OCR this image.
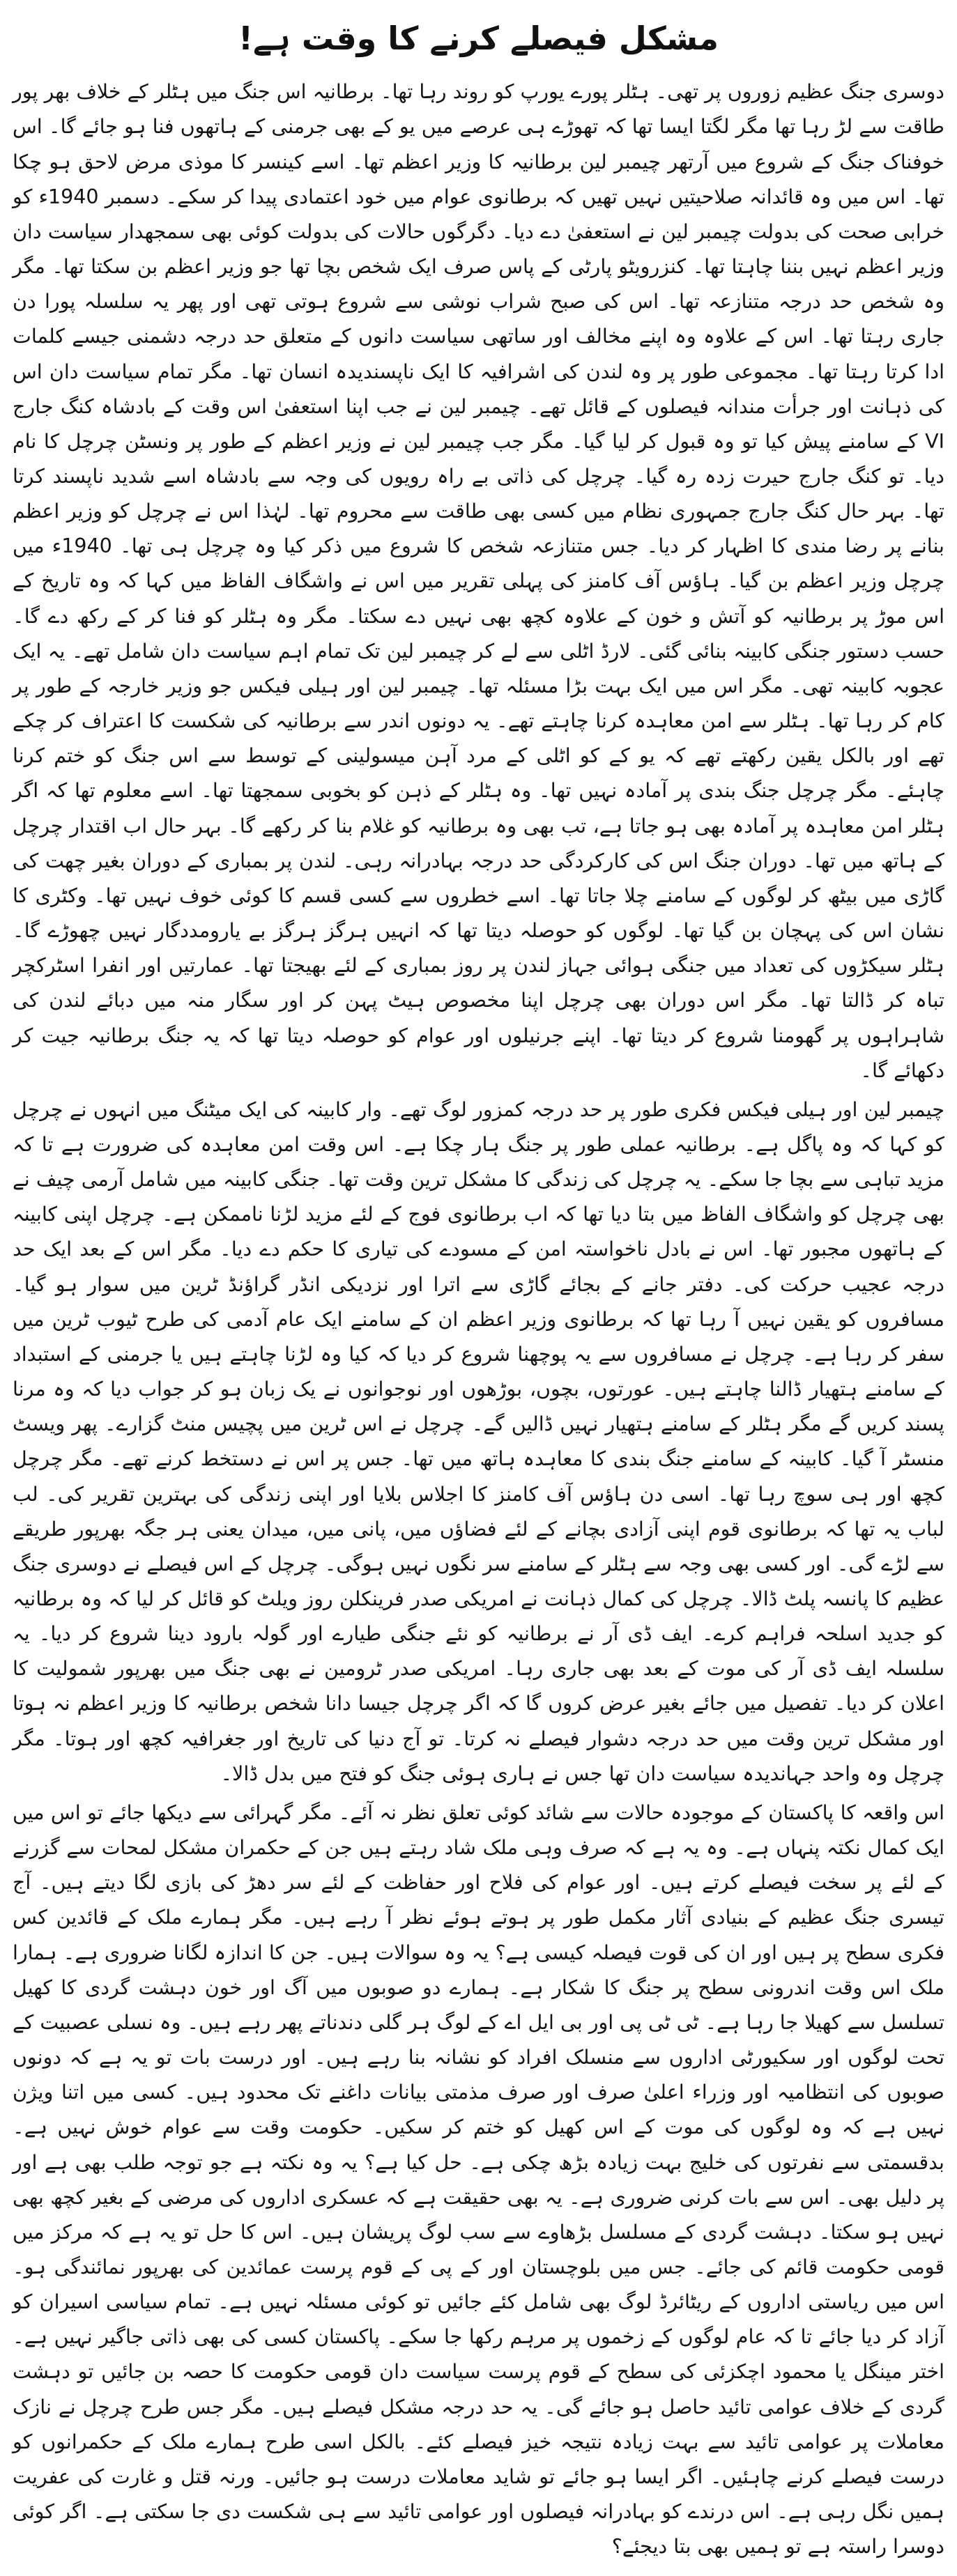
مشکل فیصلے کرنے کا وقت ہے!

دوسری جنگ عظیم زوروں پر تھی۔ ہٹلر پورے یورپ کو روند رہا تھا۔ برطانیہ اس جنگ میں ہٹلر کے خلاف بھر پور طاقت سے لڑ رہا تھا مگر لگتا ایسا تھا کہ تھوڑے ہی عرصے میں یو کے بھی جرمنی کے ہاتھوں فنا ہو جائے گا۔ اس خوفناک جنگ کے شروع میں آرتھر چیمبر لین برطانیہ کا وزیر اعظم تھا۔ اسے کینسر کا موذی مرض لاحق ہو چکا تھا۔ اس میں وہ قائدانہ صلاحیتیں نہیں تھیں کہ برطانوی عوام میں خود اعتمادی پیدا کر سکے۔ دسمبر 1940ء کو خرابی صحت کی بدولت چیمبر لین نے استعفیٰ دے دیا۔ دگرگوں حالات کی بدولت کوئی بھی سمجھدار سیاست دان وزیر اعظم نہیں بننا چاہتا تھا۔ کنزرویٹو پارٹی کے پاس صرف ایک شخص بچا تھا جو وزیر اعظم بن سکتا تھا۔ مگر وہ شخص حد درجہ متنازعہ تھا۔ اس کی صبح شراب نوشی سے شروع ہوتی تھی اور پھر یہ سلسلہ پورا دن جاری رہتا تھا۔ اس کے علاوہ وہ اپنے مخالف اور ساتھی سیاست دانوں کے متعلق حد درجہ دشمنی جیسے کلمات ادا کرتا رہتا تھا۔ مجموعی طور پر وہ لندن کی اشرافیہ کا ایک ناپسندیدہ انسان تھا۔ مگر تمام سیاست دان اس کی ذہانت اور جرأت مندانہ فیصلوں کے قائل تھے۔ چیمبر لین نے جب اپنا استعفیٰ اس وقت کے بادشاہ کنگ جارج VI کے سامنے پیش کیا تو وہ قبول کر لیا گیا۔ مگر جب چیمبر لین نے وزیر اعظم کے طور پر ونسٹن چرچل کا نام دیا۔ تو کنگ جارج حیرت زدہ رہ گیا۔ چرچل کی ذاتی بے راہ رویوں کی وجہ سے بادشاہ اسے شدید ناپسند کرتا تھا۔ بہر حال کنگ جارج جمہوری نظام میں کسی بھی طاقت سے محروم تھا۔ لہٰذا اس نے چرچل کو وزیر اعظم بنانے پر رضا مندی کا اظہار کر دیا۔ جس متنازعہ شخص کا شروع میں ذکر کیا وہ چرچل ہی تھا۔ 1940ء میں چرچل وزیر اعظم بن گیا۔ ہاؤس آف کامنز کی پہلی تقریر میں اس نے واشگاف الفاظ میں کہا کہ وہ تاریخ کے اس موڑ پر برطانیہ کو آتش و خون کے علاوہ کچھ بھی نہیں دے سکتا۔ مگر وہ ہٹلر کو فنا کر کے رکھ دے گا۔ حسب دستور جنگی کابینہ بنائی گئی۔ لارڈ اٹلی سے لے کر چیمبر لین تک تمام اہم سیاست دان شامل تھے۔ یہ ایک عجوبہ کابینہ تھی۔ مگر اس میں ایک بہت بڑا مسئلہ تھا۔ چیمبر لین اور ہیلی فیکس جو وزیر خارجہ کے طور پر کام کر رہا تھا۔ ہٹلر سے امن معاہدہ کرنا چاہتے تھے۔ یہ دونوں اندر سے برطانیہ کی شکست کا اعتراف کر چکے تھے اور بالکل یقین رکھتے تھے کہ یو کے کو اٹلی کے مرد آہن میسولینی کے توسط سے اس جنگ کو ختم کرنا چاہئے۔ مگر چرچل جنگ بندی پر آمادہ نہیں تھا۔ وہ ہٹلر کے ذہن کو بخوبی سمجھتا تھا۔ اسے معلوم تھا کہ اگر ہٹلر امن معاہدہ پر آمادہ بھی ہو جاتا ہے، تب بھی وہ برطانیہ کو غلام بنا کر رکھے گا۔ بہر حال اب اقتدار چرچل کے ہاتھ میں تھا۔ دوران جنگ اس کی کارکردگی حد درجہ بہادرانہ رہی۔ لندن پر بمباری کے دوران بغیر چھت کی گاڑی میں بیٹھ کر لوگوں کے سامنے چلا جاتا تھا۔ اسے خطروں سے کسی قسم کا کوئی خوف نہیں تھا۔ وکٹری کا نشان اس کی پہچان بن گیا تھا۔ لوگوں کو حوصلہ دیتا تھا کہ انہیں ہرگز ہرگز بے یارومددگار نہیں چھوڑے گا۔ ہٹلر سیکڑوں کی تعداد میں جنگی ہوائی جہاز لندن پر روز بمباری کے لئے بھیجتا تھا۔ عمارتیں اور انفرا اسٹرکچر تباہ کر ڈالتا تھا۔ مگر اس دوران بھی چرچل اپنا مخصوص ہیٹ پہن کر اور سگار منہ میں دبائے لندن کی شاہراہوں پر گھومنا شروع کر دیتا تھا۔ اپنے جرنیلوں اور عوام کو حوصلہ دیتا تھا کہ یہ جنگ برطانیہ جیت کر دکھائے گا۔

چیمبر لین اور ہیلی فیکس فکری طور پر حد درجہ کمزور لوگ تھے۔ وار کابینہ کی ایک میٹنگ میں انہوں نے چرچل کو کہا کہ وہ پاگل ہے۔ برطانیہ عملی طور پر جنگ ہار چکا ہے۔ اس وقت امن معاہدہ کی ضرورت ہے تا کہ مزید تباہی سے بچا جا سکے۔ یہ چرچل کی زندگی کا مشکل ترین وقت تھا۔ جنگی کابینہ میں شامل آرمی چیف نے بھی چرچل کو واشگاف الفاظ میں بتا دیا تھا کہ اب برطانوی فوج کے لئے مزید لڑنا ناممکن ہے۔ چرچل اپنی کابینہ کے ہاتھوں مجبور تھا۔ اس نے بادل ناخواستہ امن کے مسودے کی تیاری کا حکم دے دیا۔ مگر اس کے بعد ایک حد درجہ عجیب حرکت کی۔ دفتر جانے کے بجائے گاڑی سے اترا اور نزدیکی انڈر گراؤنڈ ٹرین میں سوار ہو گیا۔ مسافروں کو یقین نہیں آ رہا تھا کہ برطانوی وزیر اعظم ان کے سامنے ایک عام آدمی کی طرح ٹیوب ٹرین میں سفر کر رہا ہے۔ چرچل نے مسافروں سے یہ پوچھنا شروع کر دیا کہ کیا وہ لڑنا چاہتے ہیں یا جرمنی کے استبداد کے سامنے ہتھیار ڈالنا چاہتے ہیں۔ عورتوں، بچوں، بوڑھوں اور نوجوانوں نے یک زبان ہو کر جواب دیا کہ وہ مرنا پسند کریں گے مگر ہٹلر کے سامنے ہتھیار نہیں ڈالیں گے۔ چرچل نے اس ٹرین میں پچیس منٹ گزارے۔ پھر ویسٹ منسٹر آ گیا۔ کابینہ کے سامنے جنگ بندی کا معاہدہ ہاتھ میں تھا۔ جس پر اس نے دستخط کرنے تھے۔ مگر چرچل کچھ اور ہی سوچ رہا تھا۔ اسی دن ہاؤس آف کامنز کا اجلاس بلایا اور اپنی زندگی کی بہترین تقریر کی۔ لب لباب یہ تھا کہ برطانوی قوم اپنی آزادی بچانے کے لئے فضاؤں میں، پانی میں، میدان یعنی ہر جگہ بھرپور طریقے سے لڑے گی۔ اور کسی بھی وجہ سے ہٹلر کے سامنے سر نگوں نہیں ہوگی۔ چرچل کے اس فیصلے نے دوسری جنگ عظیم کا پانسہ پلٹ ڈالا۔ چرچل کی کمال ذہانت نے امریکی صدر فرینکلن روز ویلٹ کو قائل کر لیا کہ وہ برطانیہ کو جدید اسلحہ فراہم کرے۔ ایف ڈی آر نے برطانیہ کو نئے جنگی طیارے اور گولہ بارود دینا شروع کر دیا۔ یہ سلسلہ ایف ڈی آر کی موت کے بعد بھی جاری رہا۔ امریکی صدر ٹرومین نے بھی جنگ میں بھرپور شمولیت کا اعلان کر دیا۔ تفصیل میں جائے بغیر عرض کروں گا کہ اگر چرچل جیسا دانا شخص برطانیہ کا وزیر اعظم نہ ہوتا اور مشکل ترین وقت میں حد درجہ دشوار فیصلے نہ کرتا۔ تو آج دنیا کی تاریخ اور جغرافیہ کچھ اور ہوتا۔ مگر چرچل وہ واحد جہاندیدہ سیاست دان تھا جس نے ہاری ہوئی جنگ کو فتح میں بدل ڈالا۔

اس واقعہ کا پاکستان کے موجودہ حالات سے شائد کوئی تعلق نظر نہ آئے۔ مگر گہرائی سے دیکھا جائے تو اس میں ایک کمال نکتہ پنہاں ہے۔ وہ یہ ہے کہ صرف وہی ملک شاد رہتے ہیں جن کے حکمران مشکل لمحات سے گزرنے کے لئے پر سخت فیصلے کرتے ہیں۔ اور عوام کی فلاح اور حفاظت کے لئے سر دھڑ کی بازی لگا دیتے ہیں۔ آج تیسری جنگ عظیم کے بنیادی آثار مکمل طور پر ہوتے ہوئے نظر آ رہے ہیں۔ مگر ہمارے ملک کے قائدین کس فکری سطح پر ہیں اور ان کی قوت فیصلہ کیسی ہے؟ یہ وہ سوالات ہیں۔ جن کا اندازہ لگانا ضروری ہے۔ ہمارا ملک اس وقت اندرونی سطح پر جنگ کا شکار ہے۔ ہمارے دو صوبوں میں آگ اور خون دہشت گردی کا کھیل تسلسل سے کھیلا جا رہا ہے۔ ٹی ٹی پی اور بی ایل اے کے لوگ ہر گلی دندناتے پھر رہے ہیں۔ وہ نسلی عصبیت کے تحت لوگوں اور سکیورٹی اداروں سے منسلک افراد کو نشانہ بنا رہے ہیں۔ اور درست بات تو یہ ہے کہ دونوں صوبوں کی انتظامیہ اور وزراء اعلیٰ صرف اور صرف مذمتی بیانات داغنے تک محدود ہیں۔ کسی میں اتنا ویژن نہیں ہے کہ وہ لوگوں کی موت کے اس کھیل کو ختم کر سکیں۔ حکومت وقت سے عوام خوش نہیں ہے۔ بدقسمتی سے نفرتوں کی خلیج بہت زیادہ بڑھ چکی ہے۔ حل کیا ہے؟ یہ وہ نکتہ ہے جو توجہ طلب بھی ہے اور پر دلیل بھی۔ اس سے بات کرنی ضروری ہے۔ یہ بھی حقیقت ہے کہ عسکری اداروں کی مرضی کے بغیر کچھ بھی نہیں ہو سکتا۔ دہشت گردی کے مسلسل بڑھاوے سے سب لوگ پریشان ہیں۔ اس کا حل تو یہ ہے کہ مرکز میں قومی حکومت قائم کی جائے۔ جس میں بلوچستان اور کے پی کے قوم پرست عمائدین کی بھرپور نمائندگی ہو۔ اس میں ریاستی اداروں کے ریٹائرڈ لوگ بھی شامل کئے جائیں تو کوئی مسئلہ نہیں ہے۔ تمام سیاسی اسیران کو آزاد کر دیا جائے تا کہ عام لوگوں کے زخموں پر مرہم رکھا جا سکے۔ پاکستان کسی کی بھی ذاتی جاگیر نہیں ہے۔ اختر مینگل یا محمود اچکزئی کی سطح کے قوم پرست سیاست دان قومی حکومت کا حصہ بن جائیں تو دہشت گردی کے خلاف عوامی تائید حاصل ہو جائے گی۔ یہ حد درجہ مشکل فیصلے ہیں۔ مگر جس طرح چرچل نے نازک معاملات پر عوامی تائید سے بہت زیادہ نتیجہ خیز فیصلے کئے۔ بالکل اسی طرح ہمارے ملک کے حکمرانوں کو درست فیصلے کرنے چاہئیں۔ اگر ایسا ہو جائے تو شاید معاملات درست ہو جائیں۔ ورنہ قتل و غارت کی عفریت ہمیں نگل رہی ہے۔ اس درندے کو بہادرانہ فیصلوں اور عوامی تائید سے ہی شکست دی جا سکتی ہے۔ اگر کوئی دوسرا راستہ ہے تو ہمیں بھی بتا دیجئے؟
